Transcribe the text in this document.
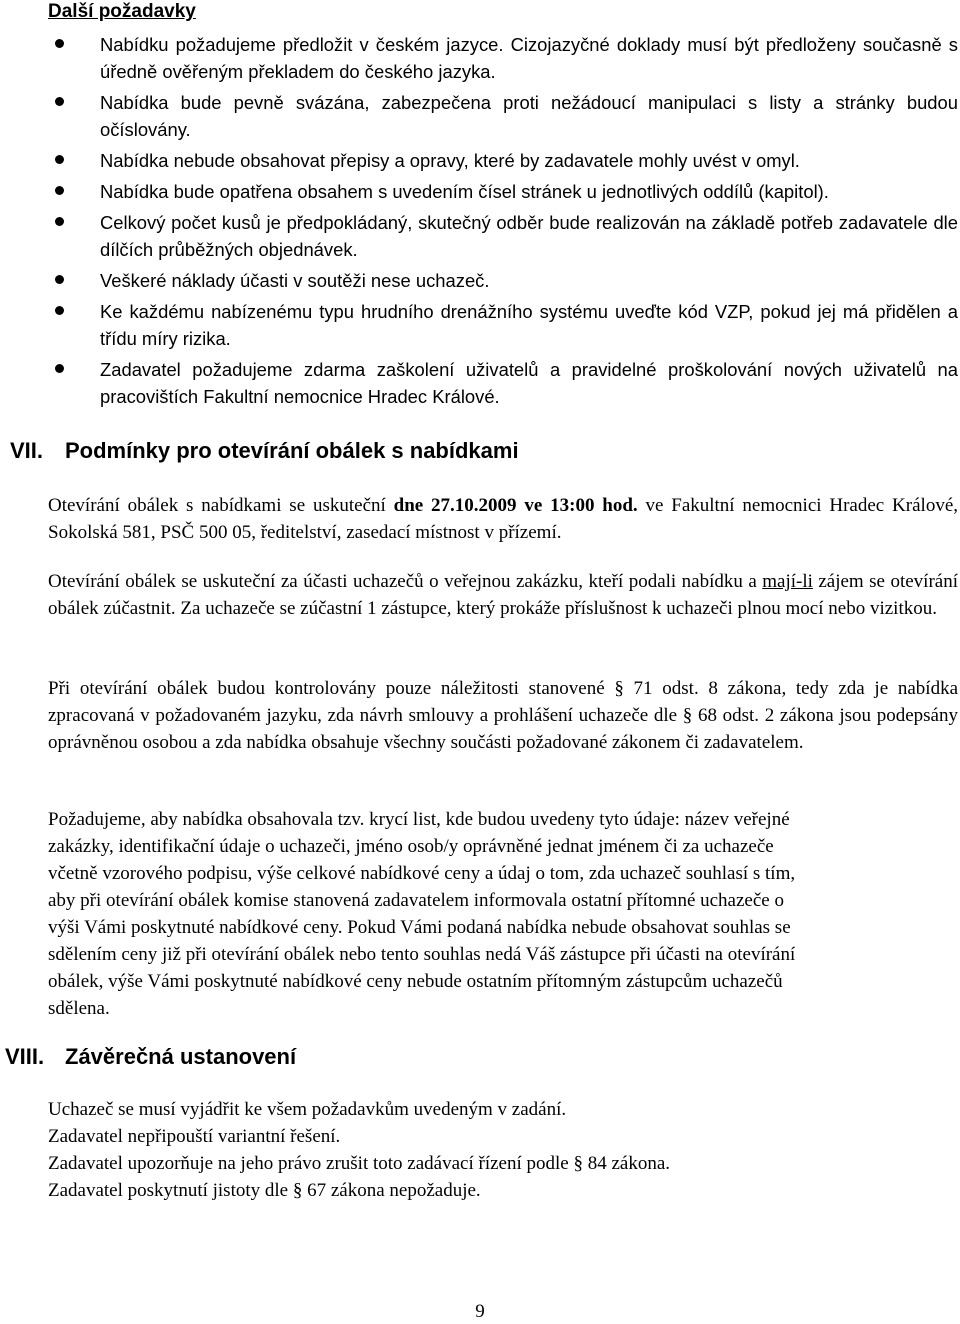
Další požadavky
Nabídku požadujeme předložit v českém jazyce. Cizojazyčné doklady musí být předloženy současně s úředně ověřeným překladem do českého jazyka.
Nabídka bude pevně svázána, zabezpečena proti nežádoucí manipulaci s listy a stránky budou očíslovány.
Nabídka nebude obsahovat přepisy a opravy, které by zadavatele mohly uvést v omyl.
Nabídka bude opatřena obsahem s uvedením čísel stránek u jednotlivých oddílů (kapitol).
Celkový počet kusů je předpokládaný, skutečný odběr bude realizován na základě potřeb zadavatele dle dílčích průběžných objednávek.
Veškeré náklady účasti v soutěži nese uchazeč.
Ke každému nabízenému typu hrudního drenážního systému uveďte kód VZP, pokud jej má přidělen a třídu míry rizika.
Zadavatel požadujeme zdarma zaškolení uživatelů a pravidelné proškolování nových uživatelů na pracovištích Fakultní nemocnice Hradec Králové.
VII. Podmínky pro otevírání obálek s nabídkami

Otevírání obálek s nabídkami se uskuteční dne 27.10.2009 ve 13:00 hod. ve Fakultní nemocnici Hradec Králové, Sokolská 581, PSČ 500 05, ředitelství, zasedací místnost v přízemí.

Otevírání obálek se uskuteční za účasti uchazečů o veřejnou zakázku, kteří podali nabídku a mají-li zájem se otevírání obálek zúčastnit. Za uchazeče se zúčastní 1 zástupce, který prokáže příslušnost k uchazeči plnou mocí nebo vizitkou.

Při otevírání obálek budou kontrolovány pouze náležitosti stanovené § 71 odst. 8 zákona, tedy zda je nabídka zpracovaná v požadovaném jazyku, zda návrh smlouvy a prohlášení uchazeče dle § 68 odst. 2 zákona jsou podepsány oprávněnou osobou a zda nabídka obsahuje všechny součásti požadované zákonem či zadavatelem.

Požadujeme, aby nabídka obsahovala tzv. krycí list, kde budou uvedeny tyto údaje: název veřejné
zakázky, identifikační údaje o uchazeči, jméno osob/y oprávněné jednat jménem či za uchazeče
včetně vzorového podpisu, výše celkové nabídkové ceny a údaj o tom, zda uchazeč souhlasí s tím,
aby při otevírání obálek komise stanovená zadavatelem informovala ostatní přítomné uchazeče o
výši Vámi poskytnuté nabídkové ceny. Pokud Vámi podaná nabídka nebude obsahovat souhlas se
sdělením ceny již při otevírání obálek nebo tento souhlas nedá Váš zástupce při účasti na otevírání
obálek, výše Vámi poskytnuté nabídkové ceny nebude ostatním přítomným zástupcům uchazečů
sdělena.

VIII. Závěrečná ustanovení

Uchazeč se musí vyjádřit ke všem požadavkům uvedeným v zadání.
Zadavatel nepřipouští variantní řešení.
Zadavatel upozorňuje na jeho právo zrušit toto zadávací řízení podle § 84 zákona.
Zadavatel poskytnutí jistoty dle § 67 zákona nepožaduje.

9
